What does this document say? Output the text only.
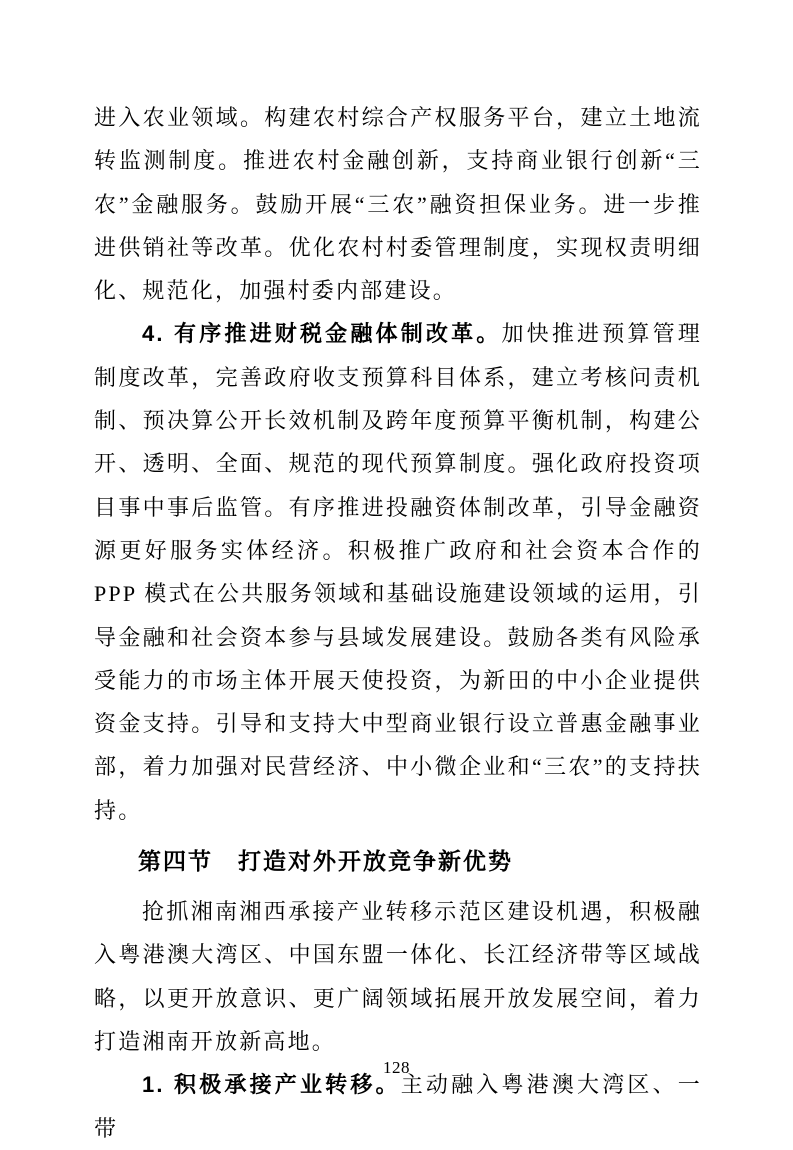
进入农业领域。构建农村综合产权服务平台，建立土地流转监测制度。推进农村金融创新，支持商业银行创新“三农”金融服务。鼓励开展“三农”融资担保业务。进一步推进供销社等改革。优化农村村委管理制度，实现权责明细化、规范化，加强村委内部建设。

4. 有序推进财税金融体制改革。加快推进预算管理制度改革，完善政府收支预算科目体系，建立考核问责机制、预决算公开长效机制及跨年度预算平衡机制，构建公开、透明、全面、规范的现代预算制度。强化政府投资项目事中事后监管。有序推进投融资体制改革，引导金融资源更好服务实体经济。积极推广政府和社会资本合作的 PPP 模式在公共服务领域和基础设施建设领域的运用，引导金融和社会资本参与县域发展建设。鼓励各类有风险承受能力的市场主体开展天使投资，为新田的中小企业提供资金支持。引导和支持大中型商业银行设立普惠金融事业部，着力加强对民营经济、中小微企业和“三农”的支持扶持。

第四节　打造对外开放竞争新优势

抢抓湘南湘西承接产业转移示范区建设机遇，积极融入粤港澳大湾区、中国东盟一体化、长江经济带等区域战略，以更开放意识、更广阔领域拓展开放发展空间，着力打造湘南开放新高地。

1. 积极承接产业转移。主动融入粤港澳大湾区、一带

128
